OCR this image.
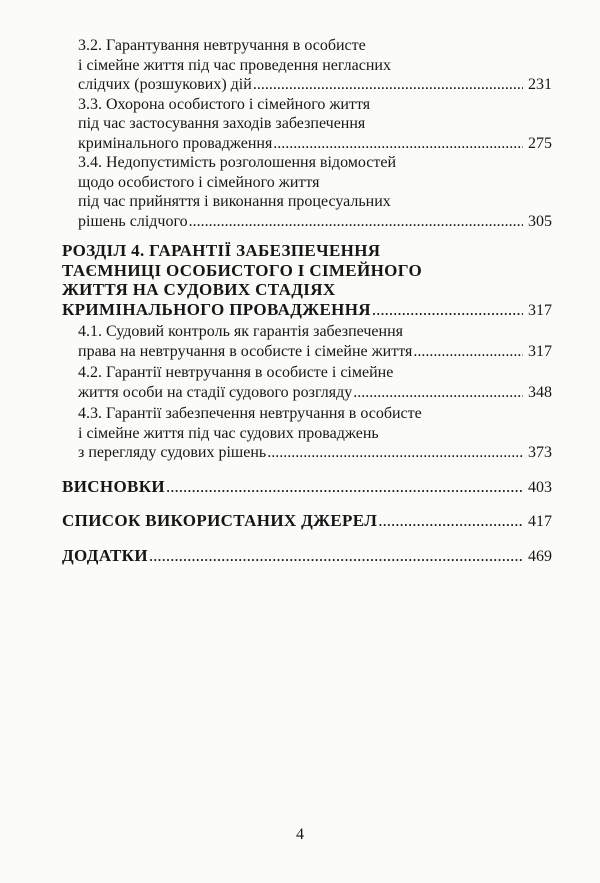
3.2. Гарантування невтручання в особисте
і сімейне життя під час проведення негласних
слідчих (розшукових) дій .....	231
3.3. Охорона особистого і сімейного життя
під час застосування заходів забезпечення
кримінального провадження .....	275
3.4. Недопустимість розголошення відомостей
щодо особистого і сімейного життя
під час прийняття і виконання процесуальних
рішень слідчого .....	305
РОЗДІЛ 4. ГАРАНТІЇ ЗАБЕЗПЕЧЕННЯ
ТАЄМНИЦІ ОСОБИСТОГО І СІМЕЙНОГО
ЖИТТЯ НА СУДОВИХ СТАДІЯХ
КРИМІНАЛЬНОГО ПРОВАДЖЕННЯ .....	317
4.1. Судовий контроль як гарантія забезпечення
права на невтручання в особисте і сімейне життя .....	317
4.2. Гарантії невтручання в особисте і сімейне
життя особи на стадії судового розгляду .....	348
4.3. Гарантії забезпечення невтручання в особисте
і сімейне життя під час судових проваджень
з перегляду судових рішень .....	373
ВИСНОВКИ .....	403
СПИСОК ВИКОРИСТАНИХ ДЖЕРЕЛ .....	417
ДОДАТКИ .....	469
4
